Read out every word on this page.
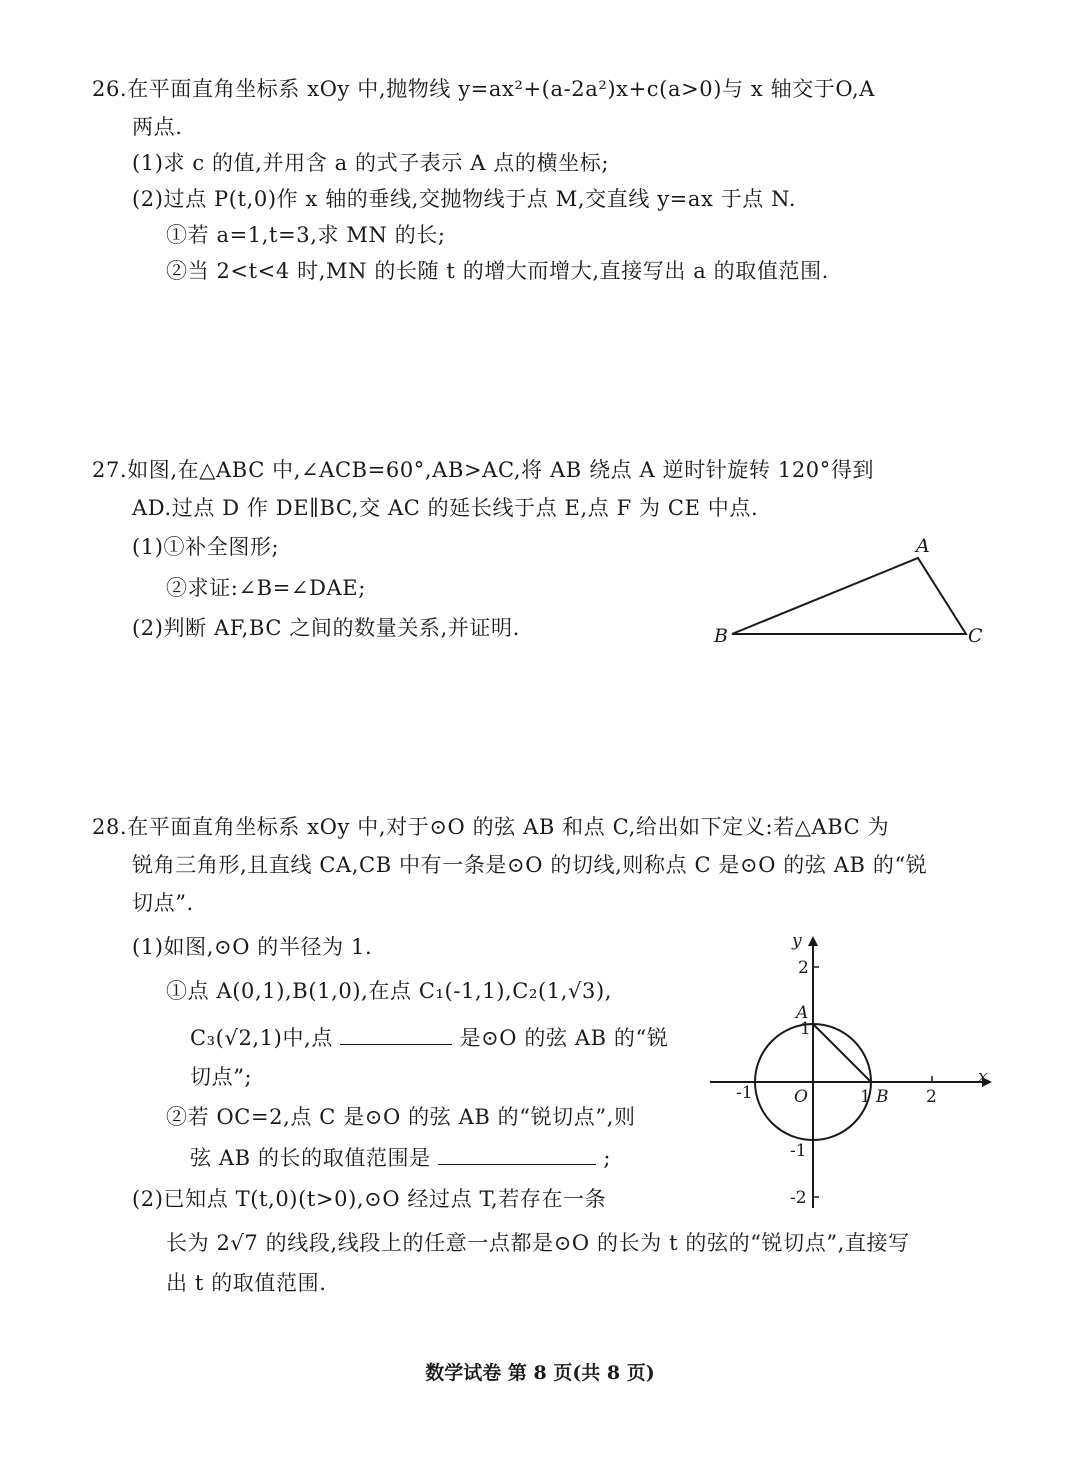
26.在平面直角坐标系 xOy 中,抛物线 y=ax²+(a-2a²)x+c(a>0)与 x 轴交于O,A
两点.
(1)求 c 的值,并用含 a 的式子表示 A 点的横坐标;
(2)过点 P(t,0)作 x 轴的垂线,交抛物线于点 M,交直线 y=ax 于点 N.
①若 a=1,t=3,求 MN 的长;
②当 2<t<4 时,MN 的长随 t 的增大而增大,直接写出 a 的取值范围.
27.如图,在△ABC 中,∠ACB=60°,AB>AC,将 AB 绕点 A 逆时针旋转 120°得到
AD.过点 D 作 DE∥BC,交 AC 的延长线于点 E,点 F 为 CE 中点.
(1)①补全图形;
②求证:∠B=∠DAE;
(2)判断 AF,BC 之间的数量关系,并证明.
A
B	C
28.在平面直角坐标系 xOy 中,对于⊙O 的弦 AB 和点 C,给出如下定义:若△ABC 为
锐角三角形,且直线 CA,CB 中有一条是⊙O 的切线,则称点 C 是⊙O 的弦 AB 的“锐
切点”.
(1)如图,⊙O 的半径为 1.
①点 A(0,1),B(1,0),在点 C₁(-1,1),C₂(1,√3),
C₃(√2,1)中,点	是⊙O 的弦 AB 的“锐
切点”;
②若 OC=2,点 C 是⊙O 的弦 AB 的“锐切点”,则
弦 AB 的长的取值范围是	;
(2)已知点 T(t,0)(t>0),⊙O 经过点 T,若存在一条
长为 2√7 的线段,线段上的任意一点都是⊙O 的长为 t 的弦的“锐切点”,直接写
出 t 的取值范围.
x
y
O
A
B
-1	1	2
2
1
-1
-2
数学试卷 第 8 页(共 8 页)
